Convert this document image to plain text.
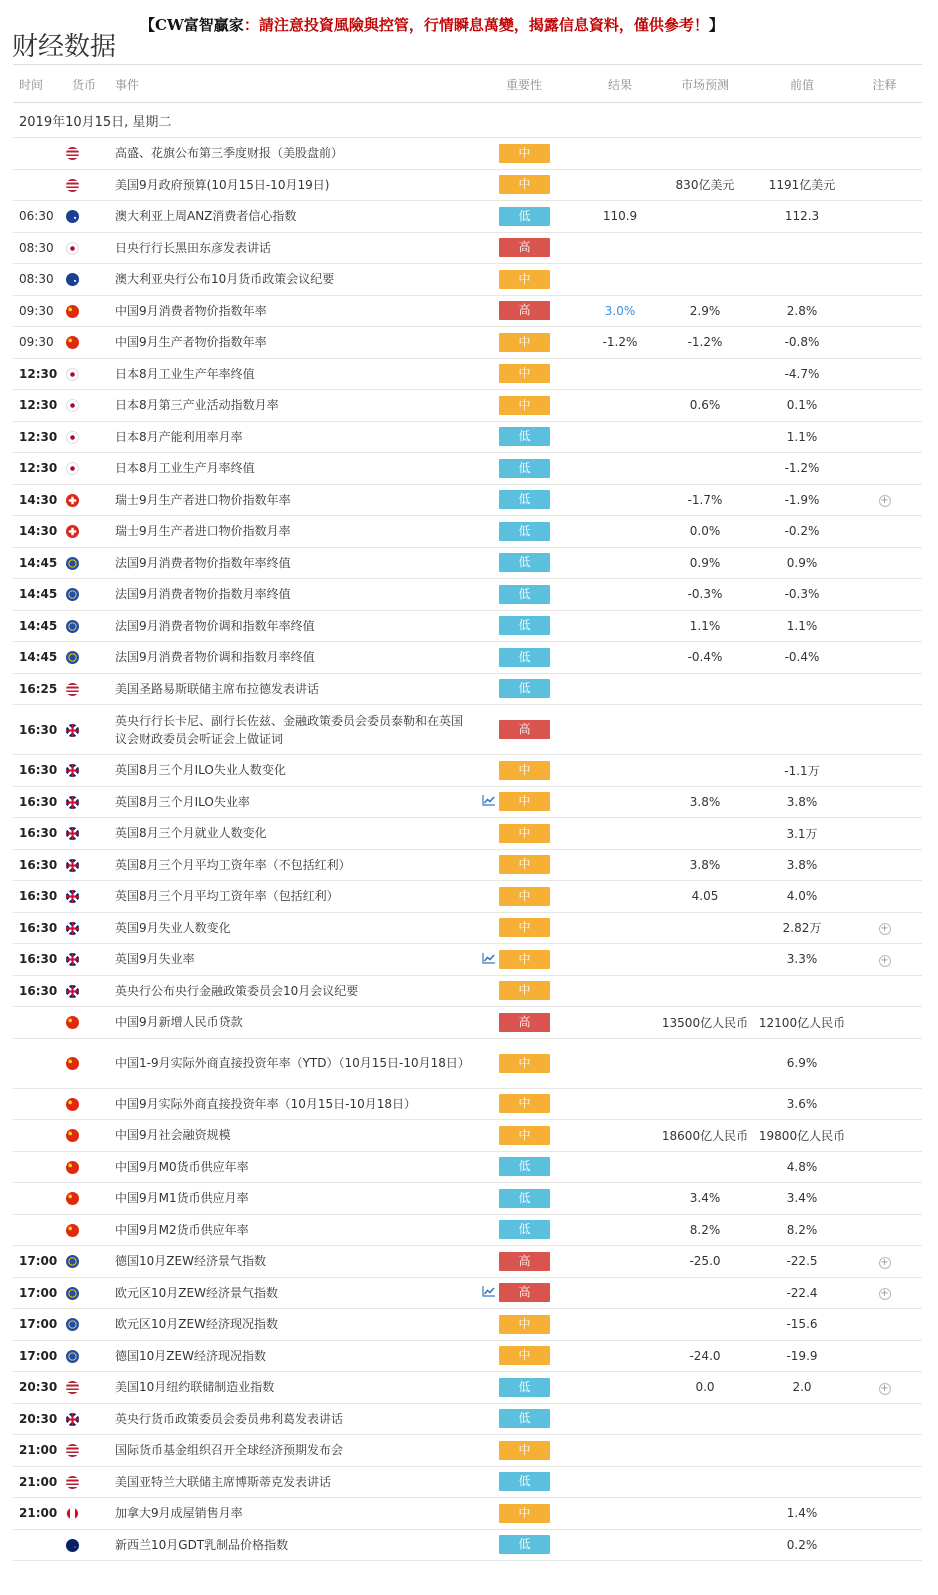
财经数据
【CW富智贏家：請注意投資風險與控管，行情瞬息萬變，揭露信息資料，僅供參考！】
时间	货币	事件		重要性	结果	市场预测	前值	注释
2019年10月15日, 星期二								
		高盛、花旗公布第三季度财报（美股盘前）		中				
		美国9月政府预算(10月15日-10月19日)		中		830亿美元	1191亿美元	
06:30		澳大利亚上周ANZ消费者信心指数		低	110.9		112.3	
08:30		日央行行长黑田东彦发表讲话		高				
08:30		澳大利亚央行公布10月货币政策会议纪要		中				
09:30		中国9月消费者物价指数年率		高	3.0%	2.9%	2.8%	
09:30		中国9月生产者物价指数年率		中	-1.2%	-1.2%	-0.8%	
12:30		日本8月工业生产年率终值		中			-4.7%	
12:30		日本8月第三产业活动指数月率		中		0.6%	0.1%	
12:30		日本8月产能利用率月率		低			1.1%	
12:30		日本8月工业生产月率终值		低			-1.2%	
14:30		瑞士9月生产者进口物价指数年率		低		-1.7%	-1.9%	+
14:30		瑞士9月生产者进口物价指数月率		低		0.0%	-0.2%	
14:45		法国9月消费者物价指数年率终值		低		0.9%	0.9%	
14:45		法国9月消费者物价指数月率终值		低		-0.3%	-0.3%	
14:45		法国9月消费者物价调和指数年率终值		低		1.1%	1.1%	
14:45		法国9月消费者物价调和指数月率终值		低		-0.4%	-0.4%	
16:25		美国圣路易斯联储主席布拉德发表讲话		低				
16:30		英央行行长卡尼、副行长佐兹、金融政策委员会委员泰勒和在英国议会财政委员会听证会上做证词		高				
16:30		英国8月三个月ILO失业人数变化		中			-1.1万	
16:30		英国8月三个月ILO失业率		中		3.8%	3.8%	
16:30		英国8月三个月就业人数变化		中			3.1万	
16:30		英国8月三个月平均工资年率（不包括红利）		中		3.8%	3.8%	
16:30		英国8月三个月平均工资年率（包括红利）		中		4.05	4.0%	
16:30		英国9月失业人数变化		中			2.82万	+
16:30		英国9月失业率		中			3.3%	+
16:30		英央行公布央行金融政策委员会10月会议纪要		中				
		中国9月新增人民币贷款		高		13500亿人民币	12100亿人民币	
		中国1-9月实际外商直接投资年率（YTD）（10月15日-10月18日）		中			6.9%	
		中国9月实际外商直接投资年率（10月15日-10月18日）		中			3.6%	
		中国9月社会融资规模		中		18600亿人民币	19800亿人民币	
		中国9月M0货币供应年率		低			4.8%	
		中国9月M1货币供应月率		低		3.4%	3.4%	
		中国9月M2货币供应年率		低		8.2%	8.2%	
17:00		德国10月ZEW经济景气指数		高		-25.0	-22.5	+
17:00		欧元区10月ZEW经济景气指数		高			-22.4	+
17:00		欧元区10月ZEW经济现况指数		中			-15.6	
17:00		德国10月ZEW经济现况指数		中		-24.0	-19.9	
20:30		美国10月纽约联储制造业指数		低		0.0	2.0	+
20:30		英央行货币政策委员会委员弗利葛发表讲话		低				
21:00		国际货币基金组织召开全球经济预期发布会		中				
21:00		美国亚特兰大联储主席博斯蒂克发表讲话		低				
21:00		加拿大9月成屋销售月率		中			1.4%	
		新西兰10月GDT乳制品价格指数		低			0.2%	
